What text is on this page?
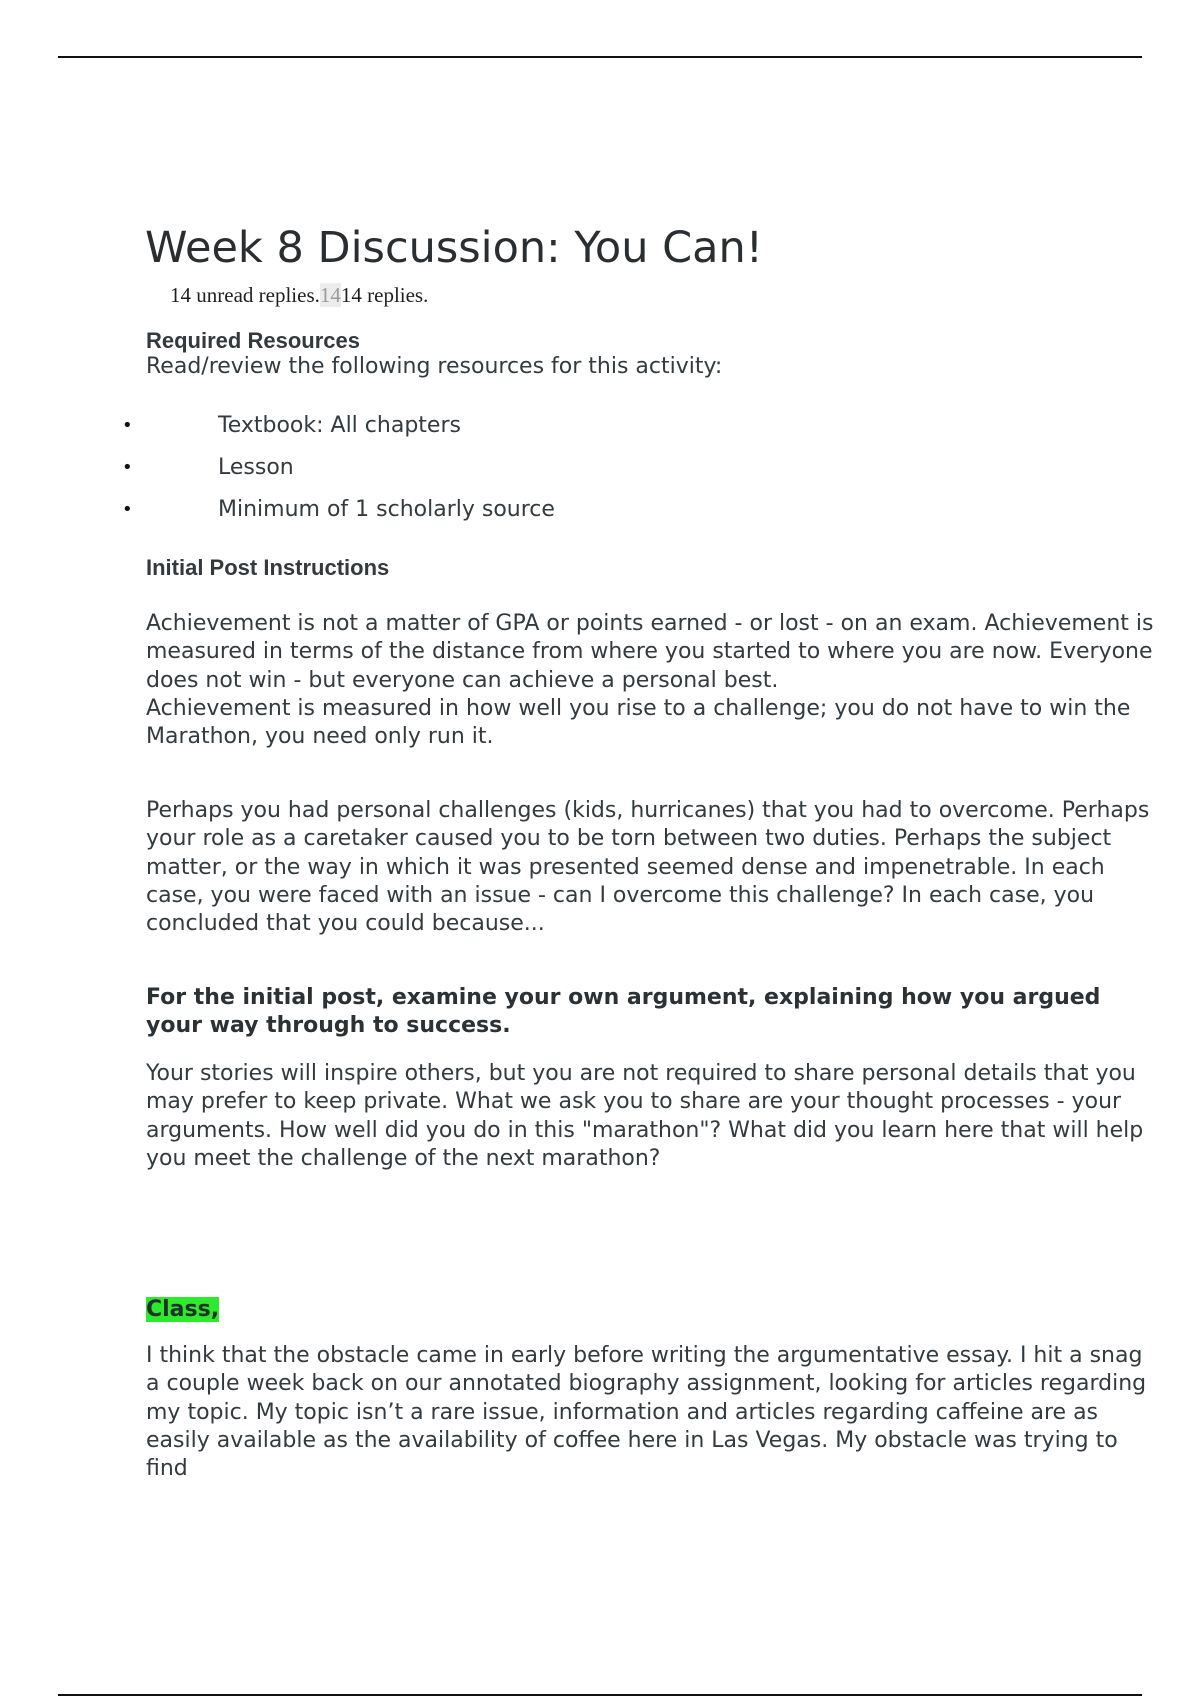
Week 8 Discussion: You Can!
14 unread replies.1414 replies.
Required Resources
Read/review the following resources for this activity:
•	Textbook: All chapters
•	Lesson
•	Minimum of 1 scholarly source
Initial Post Instructions
Achievement is not a matter of GPA or points earned - or lost - on an exam. Achievement is measured in terms of the distance from where you started to where you are now. Everyone does not win - but everyone can achieve a personal best.
Achievement is measured in how well you rise to a challenge; you do not have to win the Marathon, you need only run it.

Perhaps you had personal challenges (kids, hurricanes) that you had to overcome. Perhaps your role as a caretaker caused you to be torn between two duties. Perhaps the subject matter, or the way in which it was presented seemed dense and impenetrable. In each case, you were faced with an issue - can I overcome this challenge? In each case, you concluded that you could because...

For the initial post, examine your own argument, explaining how you argued your way through to success.

Your stories will inspire others, but you are not required to share personal details that you may prefer to keep private. What we ask you to share are your thought processes - your arguments. How well did you do in this "marathon"? What did you learn here that will help you meet the challenge of the next marathon?

Class,

I think that the obstacle came in early before writing the argumentative essay. I hit a snag a couple week back on our annotated biography assignment, looking for articles regarding my topic. My topic isn’t a rare issue, information and articles regarding caffeine are as easily available as the availability of coffee here in Las Vegas. My obstacle was trying to find
